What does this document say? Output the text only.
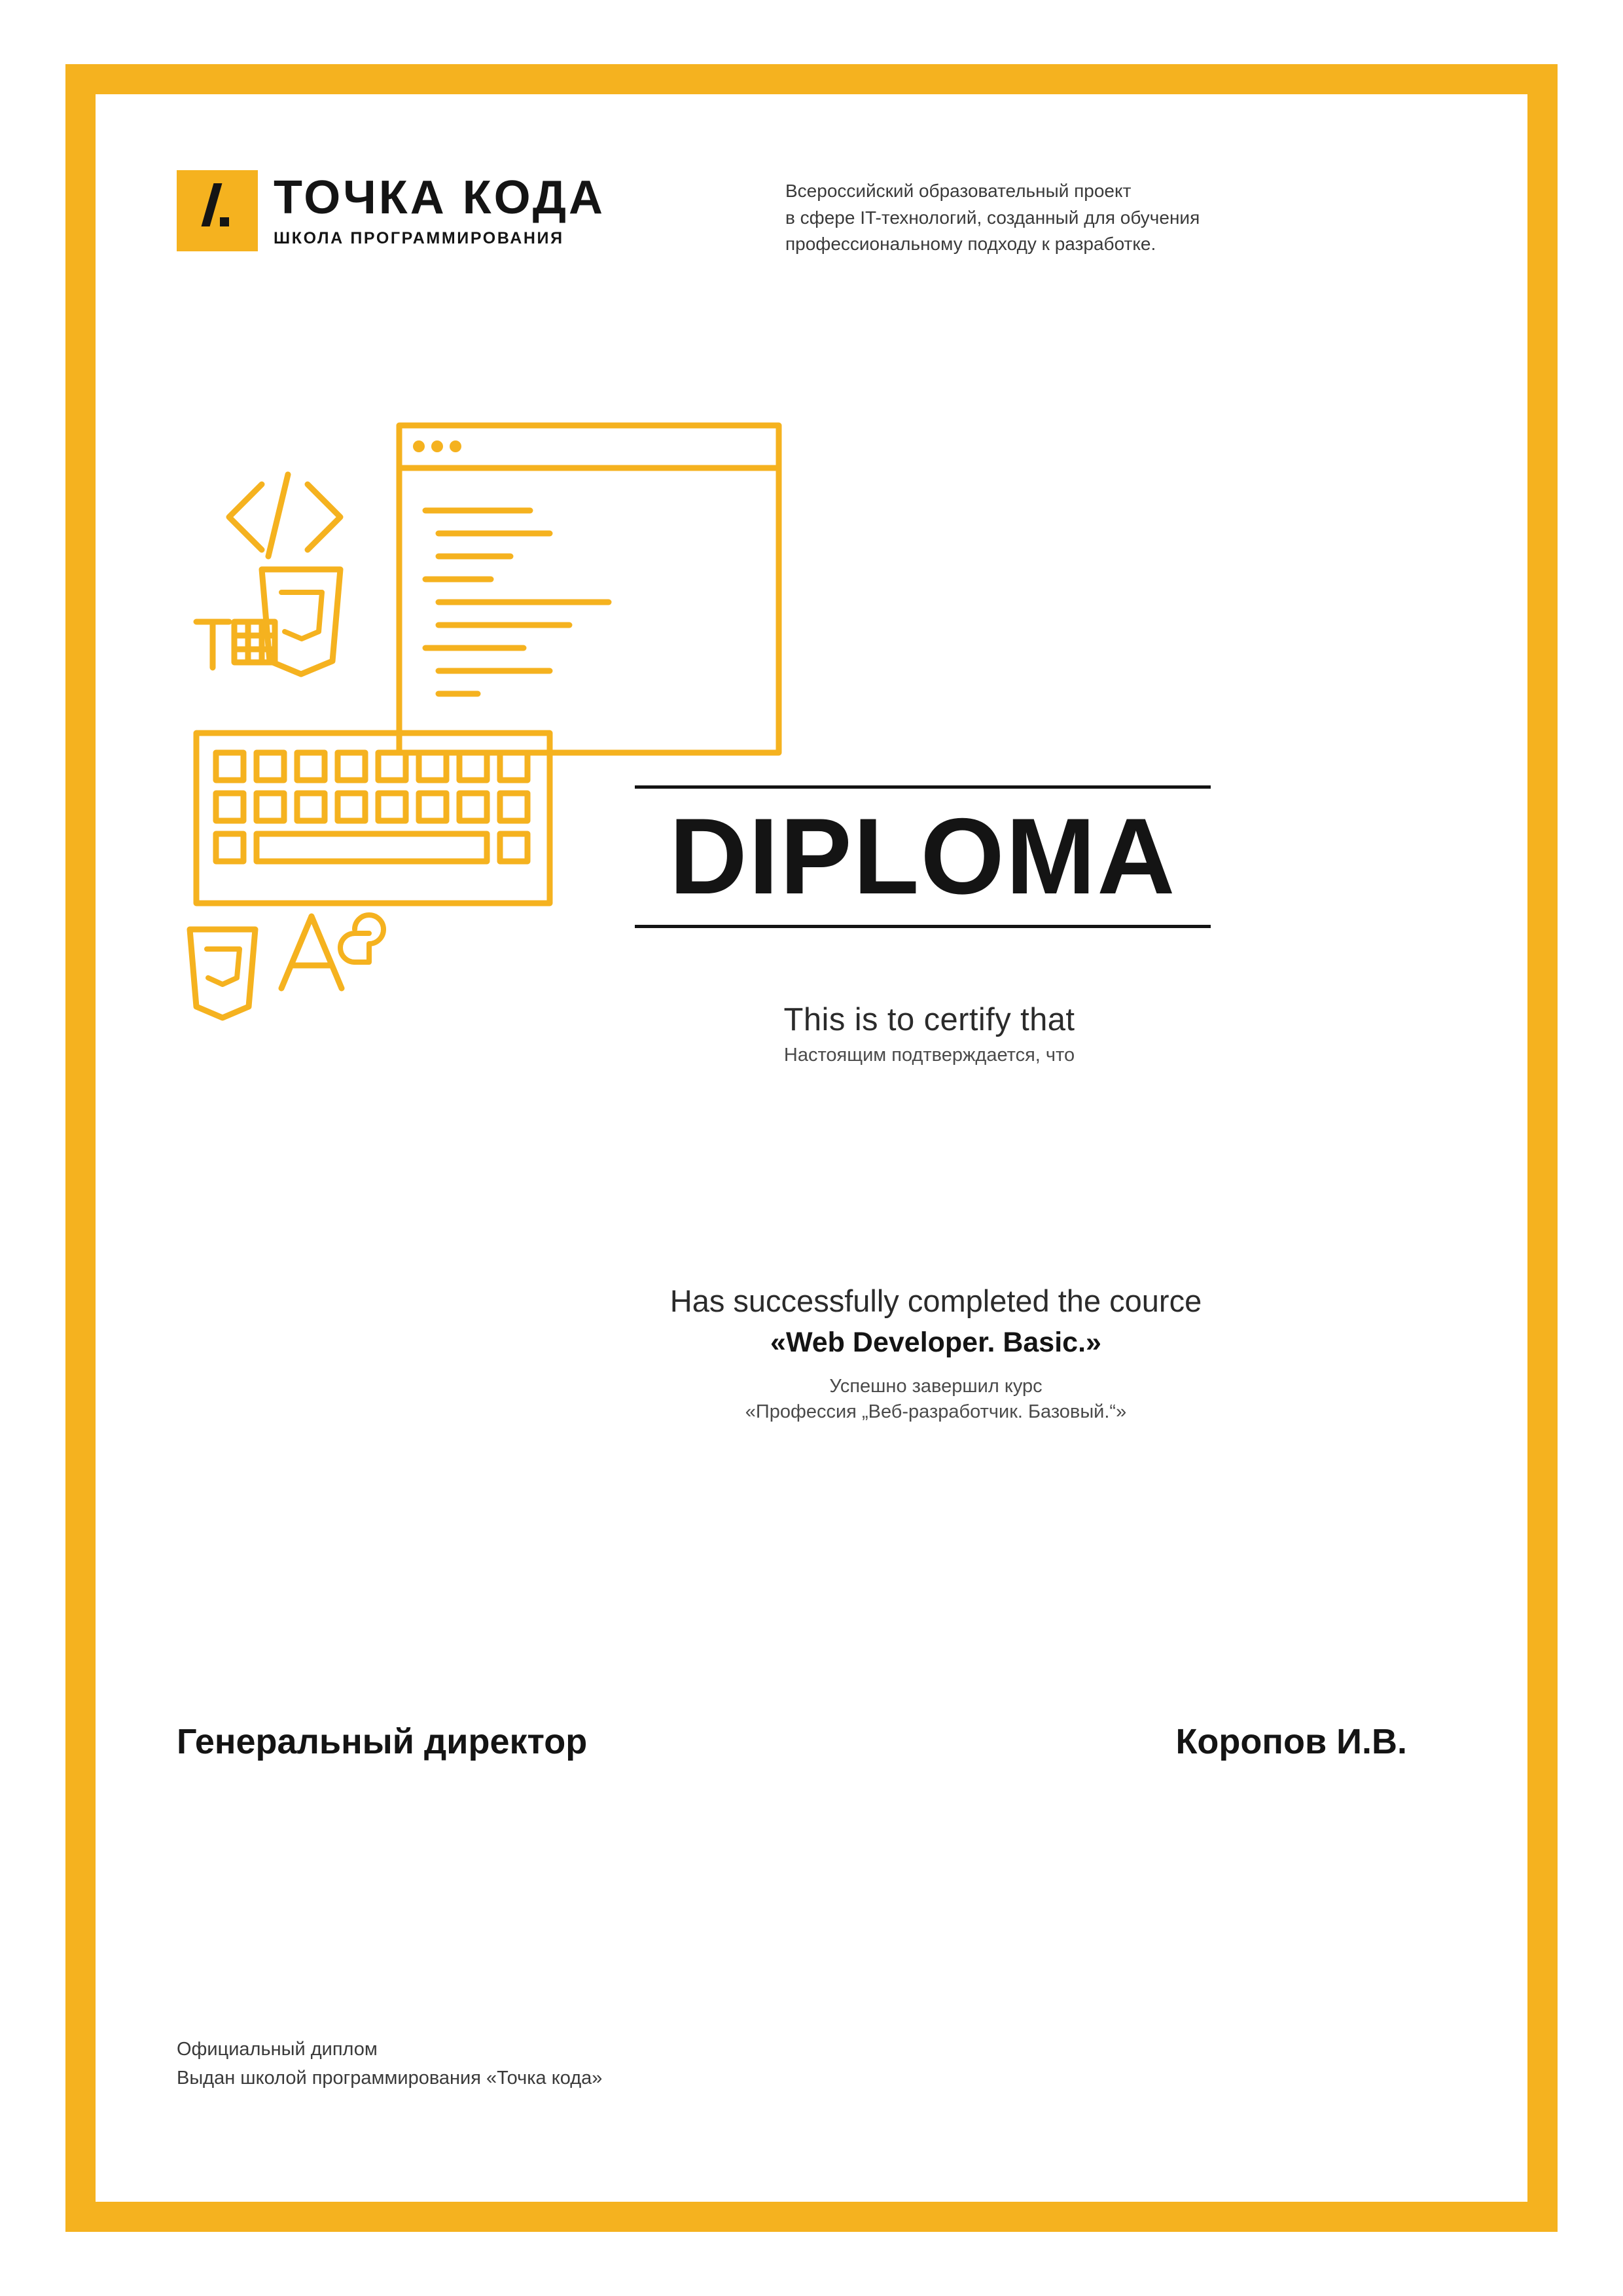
ТОЧКА КОДА
ШКОЛА ПРОГРАММИРОВАНИЯ
Всероссийский образовательный проект
в сфере IT-технологий, созданный для обучения
профессиональному подходу к разработке.
DIPLOMA
This is to certify that
Настоящим подтверждается, что
Has successfully completed the cource
«Web Developer. Basic.»
Успешно завершил курс
«Профессия „Веб-разработчик. Базовый.“»
Генеральный директор	Коропов И.В.
Официальный диплом
Выдан школой программирования «Точка кода»
